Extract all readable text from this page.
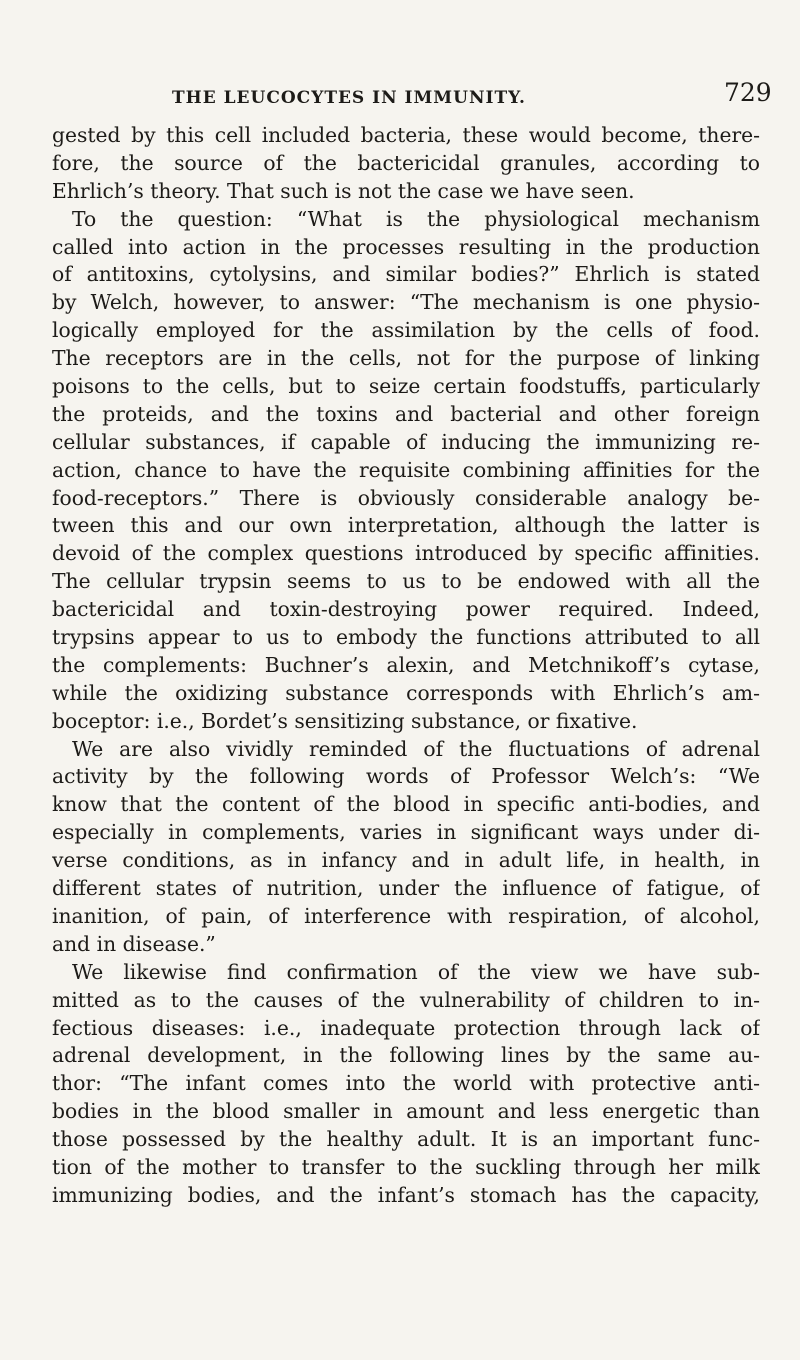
THE LEUCOCYTES IN IMMUNITY.	729
gested by this cell included bacteria, these would become, there-
fore, the source of the bactericidal granules, according to
Ehrlich’s theory. That such is not the case we have seen.
To the question: “What is the physiological mechanism
called into action in the processes resulting in the production
of antitoxins, cytolysins, and similar bodies?” Ehrlich is stated
by Welch, however, to answer: “The mechanism is one physio-
logically employed for the assimilation by the cells of food.
The receptors are in the cells, not for the purpose of linking
poisons to the cells, but to seize certain foodstuffs, particularly
the proteids, and the toxins and bacterial and other foreign
cellular substances, if capable of inducing the immunizing re-
action, chance to have the requisite combining affinities for the
food-receptors.” There is obviously considerable analogy be-
tween this and our own interpretation, although the latter is
devoid of the complex questions introduced by specific affinities.
The cellular trypsin seems to us to be endowed with all the
bactericidal and toxin-destroying power required. Indeed,
trypsins appear to us to embody the functions attributed to all
the complements: Buchner’s alexin, and Metchnikoff’s cytase,
while the oxidizing substance corresponds with Ehrlich’s am-
boceptor: i.e., Bordet’s sensitizing substance, or fixative.
We are also vividly reminded of the fluctuations of adrenal
activity by the following words of Professor Welch’s: “We
know that the content of the blood in specific anti-bodies, and
especially in complements, varies in significant ways under di-
verse conditions, as in infancy and in adult life, in health, in
different states of nutrition, under the influence of fatigue, of
inanition, of pain, of interference with respiration, of alcohol,
and in disease.”
We likewise find confirmation of the view we have sub-
mitted as to the causes of the vulnerability of children to in-
fectious diseases: i.e., inadequate protection through lack of
adrenal development, in the following lines by the same au-
thor: “The infant comes into the world with protective anti-
bodies in the blood smaller in amount and less energetic than
those possessed by the healthy adult. It is an important func-
tion of the mother to transfer to the suckling through her milk
immunizing bodies, and the infant’s stomach has the capacity,
